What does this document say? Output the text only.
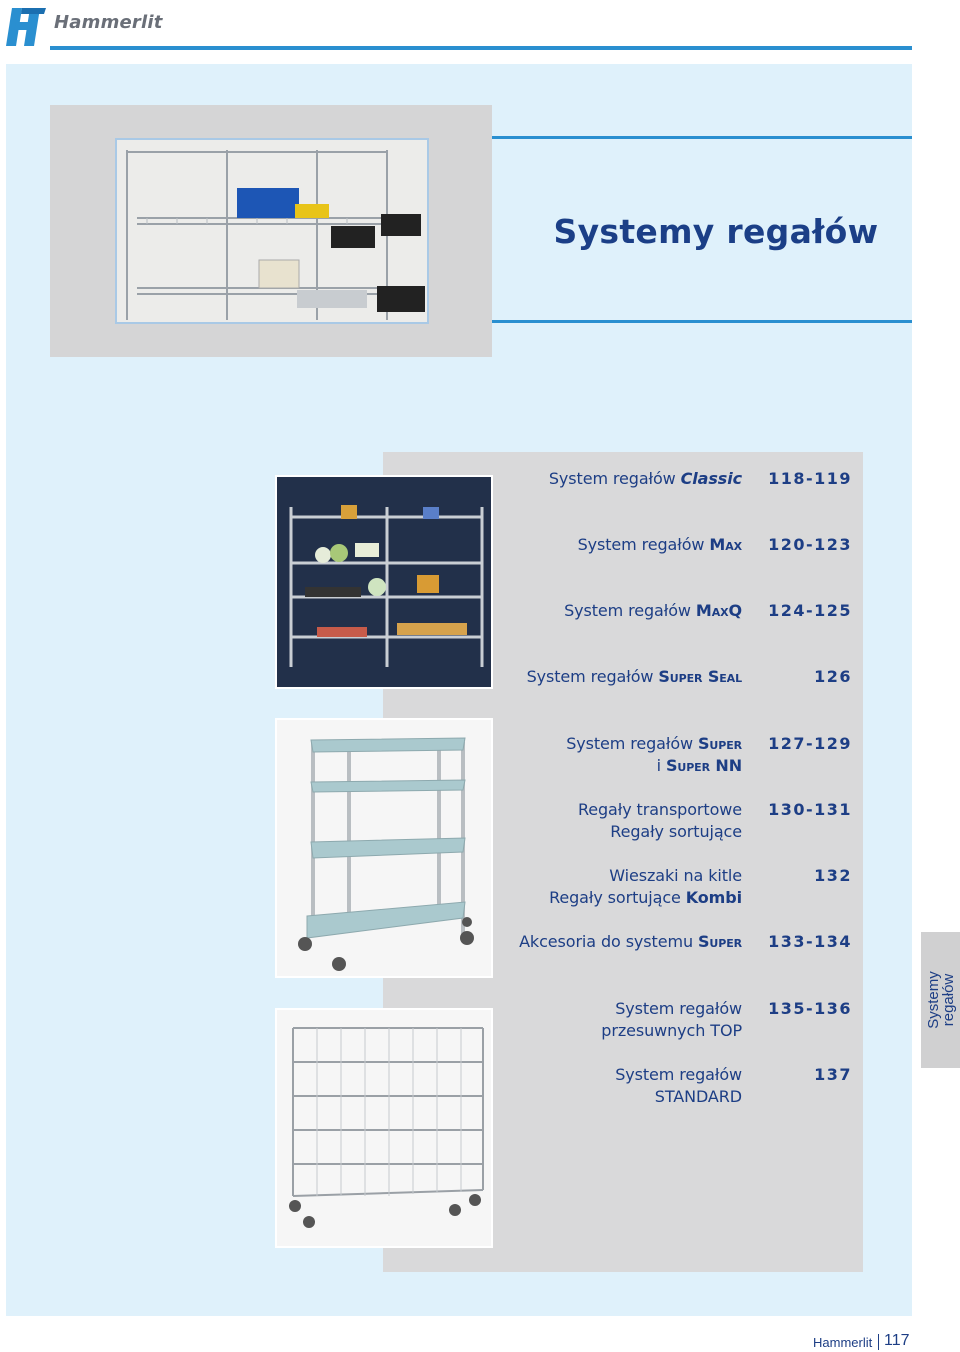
Hammerlit
Systemy regałów
System regałów Classic 118-119
System regałów Max 120-123
System regałów MaxQ 124-125
System regałów Super Seal	126
System regałów Super
i Super NN
127-129
Regały transportowe
Regały sortujące
130-131
Wieszaki na kitle
Regały sortujące Kombi
132
Akcesoria do systemu Super 133-134
System regałów
przesuwnych TOP
135-136
System regałów
STANDARD
137
Systemy
regałów
Hammerlit 117
